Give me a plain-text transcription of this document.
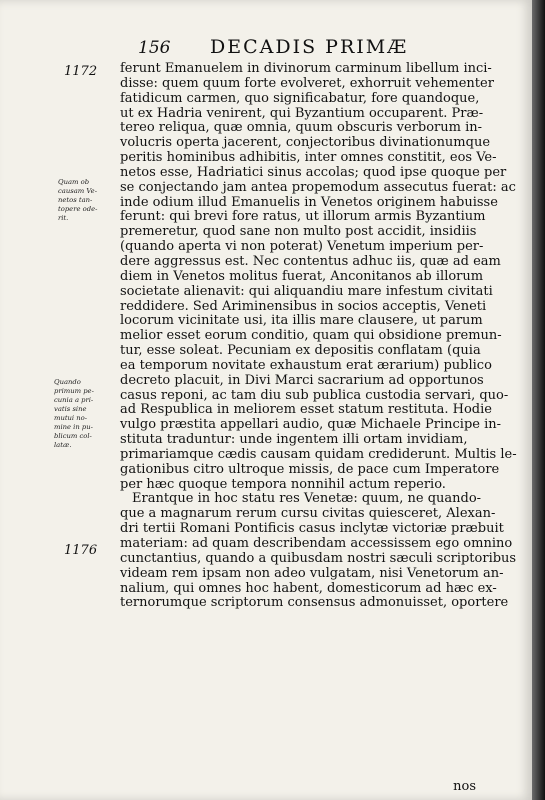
156 DECADIS PRIMÆ
1172
1176
Quam ob
causam Ve-
netos tan-
topere ode-
rit.
Quando
primum pe-
cunia a pri-
vatis sine
mutui no-
mine in pu-
blicum col-
latæ.
ferunt Emanuelem in divinorum carminum libellum inci-
disse: quem quum forte evolveret, exhorruit vehementer
fatidicum carmen, quo significabatur, fore quandoque,
ut ex Hadria venirent, qui Byzantium occuparent. Præ-
tereo reliqua, quæ omnia, quum obscuris verborum in-
volucris operta jacerent, conjectoribus divinationumque
peritis hominibus adhibitis, inter omnes constitit, eos Ve-
netos esse, Hadriatici sinus accolas; quod ipse quoque per
se conjectando jam antea propemodum assecutus fuerat: ac
inde odium illud Emanuelis in Venetos originem habuisse
ferunt: qui brevi fore ratus, ut illorum armis Byzantium
premeretur, quod sane non multo post accidit, insidiis
(quando aperta vi non poterat) Venetum imperium per-
dere aggressus est. Nec contentus adhuc iis, quæ ad eam
diem in Venetos molitus fuerat, Anconitanos ab illorum
societate alienavit: qui aliquandiu mare infestum civitati
reddidere. Sed Ariminensibus in socios acceptis, Veneti
locorum vicinitate usi, ita illis mare clausere, ut parum
melior esset eorum conditio, quam qui obsidione premun-
tur, esse soleat. Pecuniam ex depositis conflatam (quia
ea temporum novitate exhaustum erat ærarium) publico
decreto placuit, in Divi Marci sacrarium ad opportunos
casus reponi, ac tam diu sub publica custodia servari, quo-
ad Respublica in meliorem esset statum restituta. Hodie
vulgo præstita appellari audio, quæ Michaele Principe in-
stituta traduntur: unde ingentem illi ortam invidiam,
primariamque cædis causam quidam crediderunt. Multis le-
gationibus citro ultroque missis, de pace cum Imperatore
per hæc quoque tempora nonnihil actum reperio.
Erantque in hoc statu res Venetæ: quum, ne quando-
que a magnarum rerum cursu civitas quiesceret, Alexan-
dri tertii Romani Pontificis casus inclytæ victoriæ præbuit
materiam: ad quam describendam accessissem ego omnino
cunctantius, quando a quibusdam nostri sæculi scriptoribus
videam rem ipsam non adeo vulgatam, nisi Venetorum an-
nalium, qui omnes hoc habent, domesticorum ad hæc ex-
ternorumque scriptorum consensus admonuisset, oportere
nos
